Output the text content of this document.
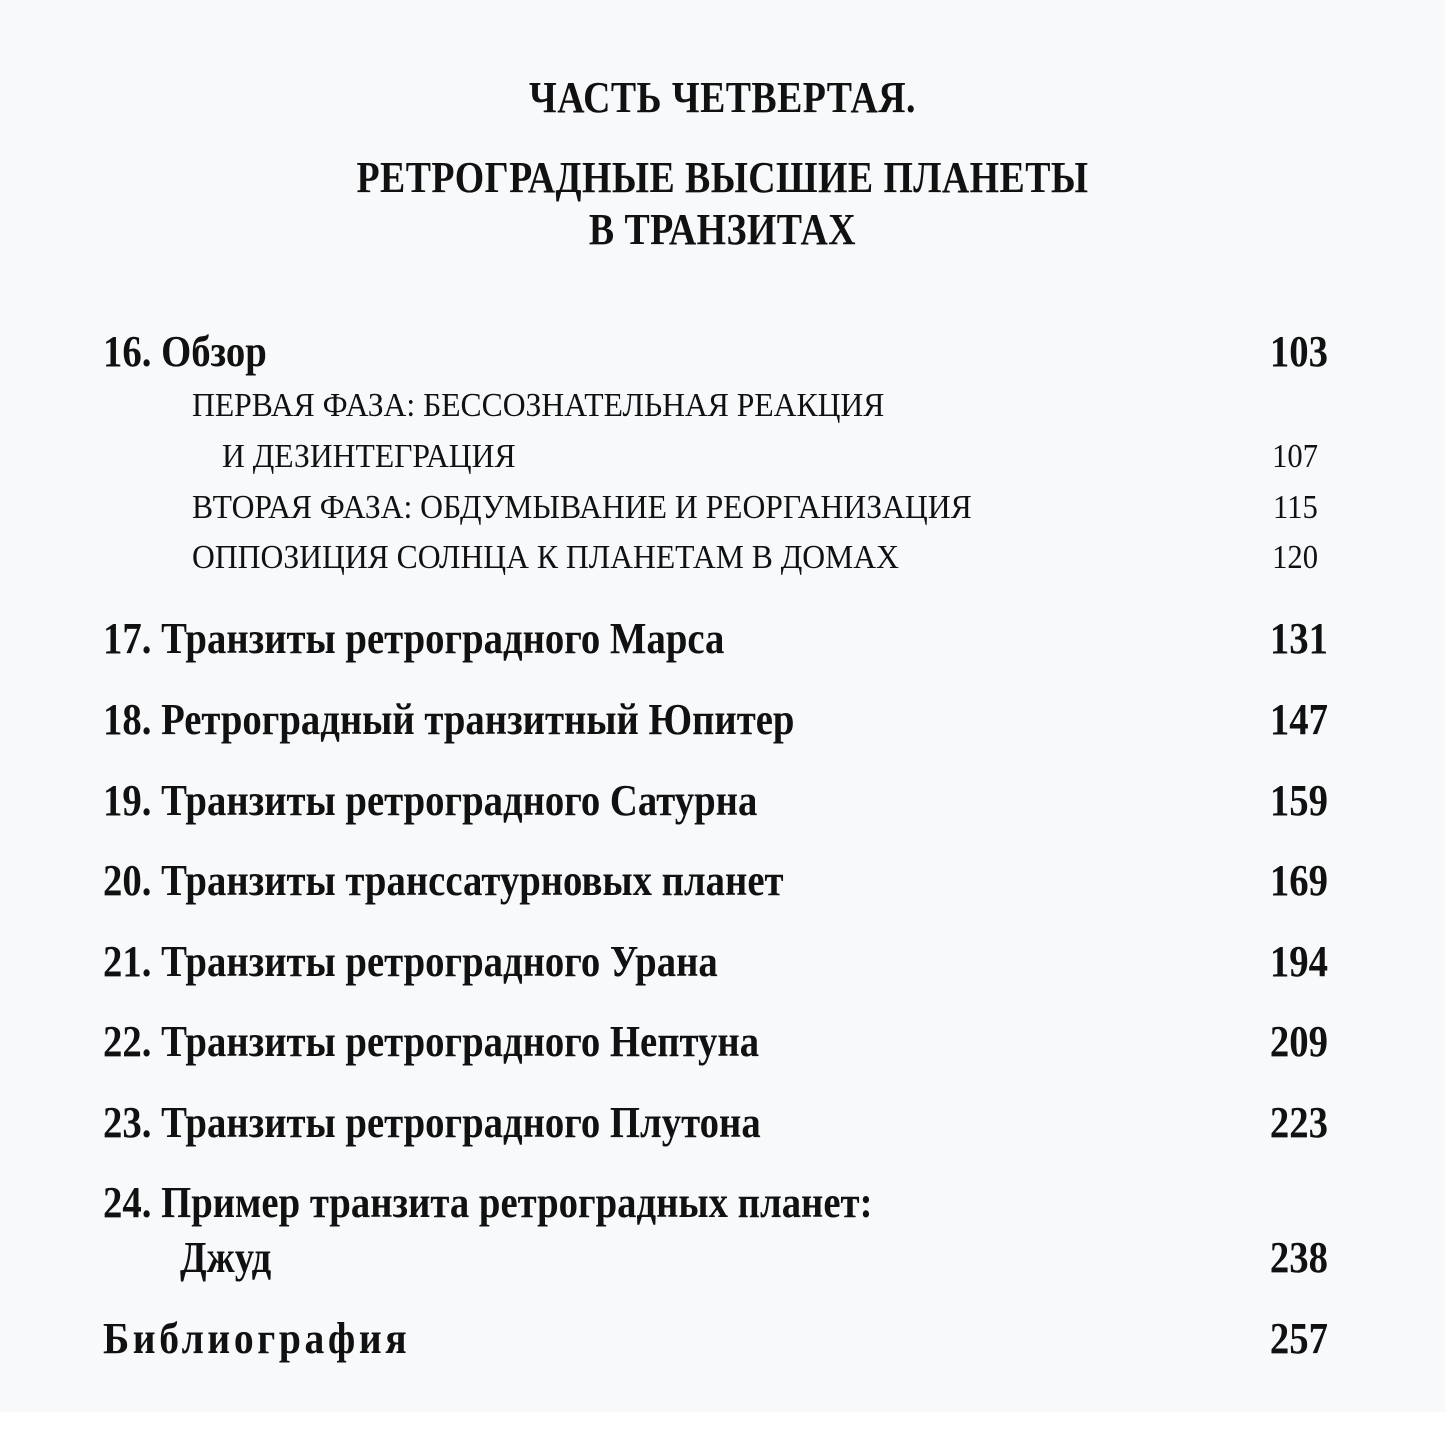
ЧАСТЬ ЧЕТВЕРТАЯ.
РЕТРОГРАДНЫЕ ВЫСШИЕ ПЛАНЕТЫ
В ТРАНЗИТАХ
16. Обзор	103
ПЕРВАЯ ФАЗА: БЕССОЗНАТЕЛЬНАЯ РЕАКЦИЯ
И ДЕЗИНТЕГРАЦИЯ	107
ВТОРАЯ ФАЗА: ОБДУМЫВАНИЕ И РЕОРГАНИЗАЦИЯ	115
ОППОЗИЦИЯ СОЛНЦА К ПЛАНЕТАМ В ДОМАХ	120
17. Транзиты ретроградного Марса	131
18. Ретроградный транзитный Юпитер	147
19. Транзиты ретроградного Сатурна	159
20. Транзиты транссатурновых планет	169
21. Транзиты ретроградного Урана	194
22. Транзиты ретроградного Нептуна	209
23. Транзиты ретроградного Плутона	223
24. Пример транзита ретроградных планет:
Джуд	238
Библиография	257
